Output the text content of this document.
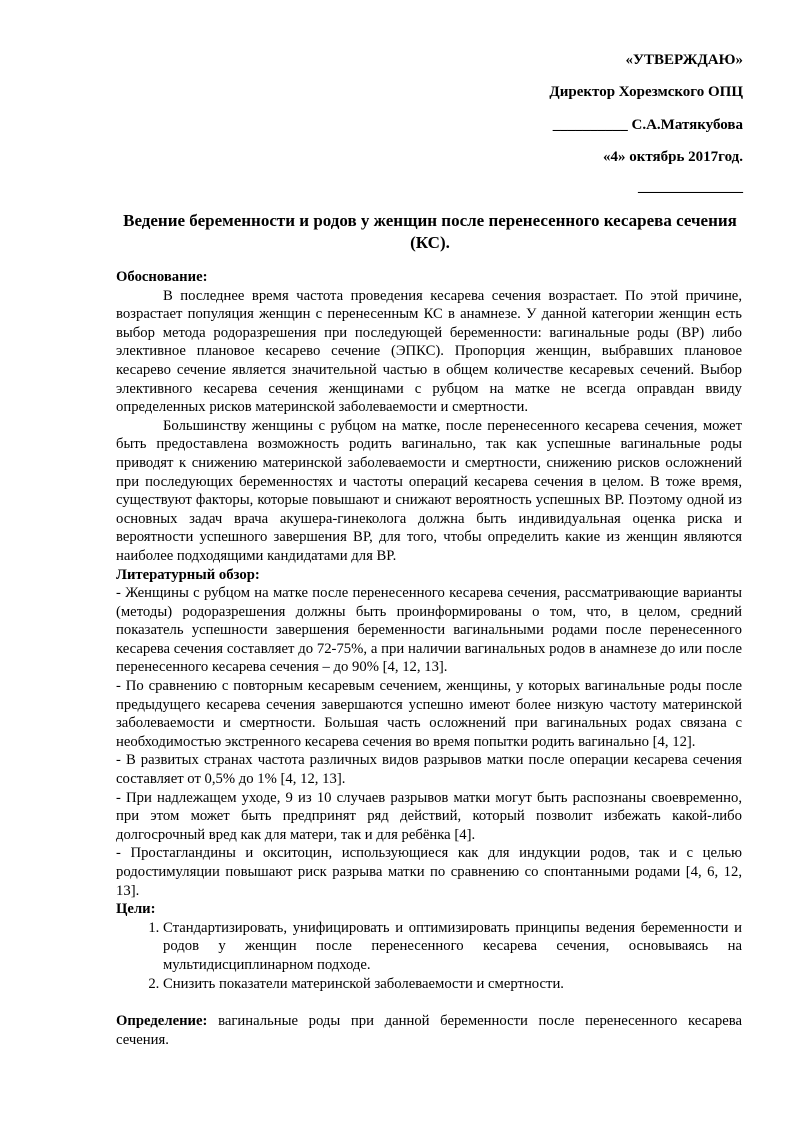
«УТВЕРЖДАЮ»
Директор Хорезмского ОПЦ
__________ С.А.Матякубова
«4» октябрь 2017год.
______________
Ведение беременности и родов у женщин после перенесенного кесарева сечения (КС).

Обоснование:

В последнее время частота проведения кесарева сечения возрастает. По этой причине, возрастает популяция женщин с перенесенным КС в анамнезе. У данной категории женщин есть выбор метода родоразрешения при последующей беременности: вагинальные роды (ВР) либо элективное плановое кесарево сечение (ЭПКС). Пропорция женщин, выбравших плановое кесарево сечение является значительной частью в общем количестве кесаревых сечений. Выбор элективного кесарева сечения женщинами с рубцом на матке не всегда оправдан ввиду определенных рисков материнской заболеваемости и смертности.

Большинству женщины с рубцом на матке, после перенесенного кесарева сечения, может быть предоставлена возможность родить вагинально, так как успешные вагинальные роды приводят к снижению материнской заболеваемости и смертности, снижению рисков осложнений при последующих беременностях и частоты операций кесарева сечения в целом. В тоже время, существуют факторы, которые повышают и снижают вероятность успешных ВР. Поэтому одной из основных задач врача акушера-гинеколога должна быть индивидуальная оценка риска и вероятности успешного завершения ВР, для того, чтобы определить какие из женщин являются наиболее подходящими кандидатами для ВР.

Литературный обзор:

- Женщины с рубцом на матке после перенесенного кесарева сечения, рассматривающие варианты (методы) родоразрешения должны быть проинформированы о том, что, в целом, средний показатель успешности завершения беременности вагинальными родами после перенесенного кесарева сечения составляет до 72-75%, а при наличии вагинальных родов в анамнезе до или после перенесенного кесарева сечения – до 90% [4, 12, 13].

- По сравнению с повторным кесаревым сечением, женщины, у которых вагинальные роды после предыдущего кесарева сечения завершаются успешно имеют более низкую частоту материнской заболеваемости и смертности. Большая часть осложнений при вагинальных родах связана с необходимостью экстренного кесарева сечения во время попытки родить вагинально [4, 12].

- В развитых странах частота различных видов разрывов матки после операции кесарева сечения составляет от 0,5% до 1% [4, 12, 13].

- При надлежащем уходе, 9 из 10 случаев разрывов матки могут быть распознаны своевременно, при этом может быть предпринят ряд действий, который позволит избежать какой-либо долгосрочный вред как для матери, так и для ребёнка [4].

- Простагландины и окситоцин, использующиеся как для индукции родов, так и с целью родостимуляции повышают риск разрыва матки по сравнению со спонтанными родами [4, 6, 12, 13].

Цели:

1. Стандартизировать, унифицировать и оптимизировать принципы ведения беременности и родов у женщин после перенесенного кесарева сечения, основываясь на мультидисциплинарном подходе.
2. Снизить показатели материнской заболеваемости и смертности.

Определение: вагинальные роды при данной беременности после перенесенного кесарева сечения.
